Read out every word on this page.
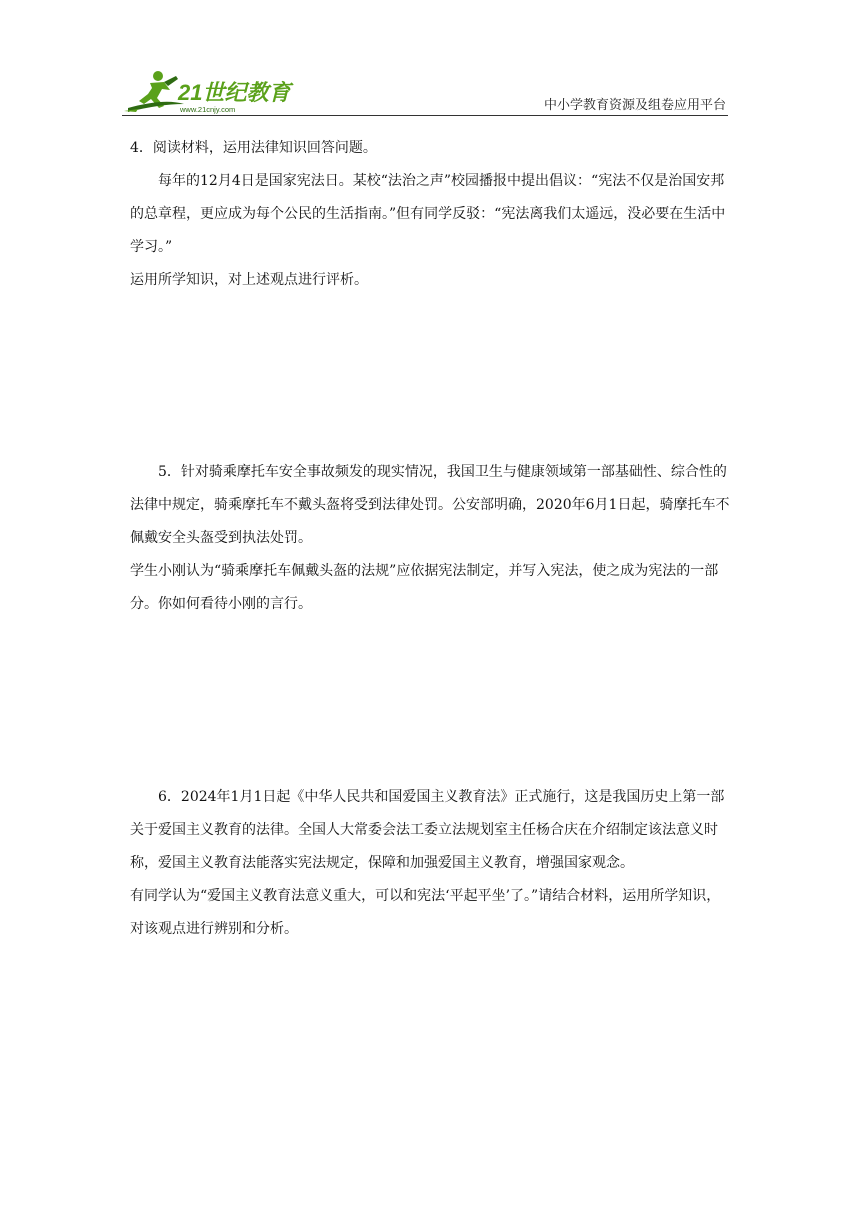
21世纪教育
www.21cnjy.com	中小学教育资源及组卷应用平台
4．阅读材料，运用法律知识回答问题。
每年的12月4日是国家宪法日。某校“法治之声”校园播报中提出倡议：“宪法不仅是治国安邦的总章程，更应成为每个公民的生活指南。”但有同学反驳：“宪法离我们太遥远，没必要在生活中学习。”
运用所学知识，对上述观点进行评析。
5．针对骑乘摩托车安全事故频发的现实情况，我国卫生与健康领域第一部基础性、综合性的法律中规定，骑乘摩托车不戴头盔将受到法律处罚。公安部明确，2020年6月1日起，骑摩托车不佩戴安全头盔受到执法处罚。
学生小刚认为“骑乘摩托车佩戴头盔的法规”应依据宪法制定，并写入宪法，使之成为宪法的一部分。你如何看待小刚的言行。
6．2024年1月1日起《中华人民共和国爱国主义教育法》正式施行，这是我国历史上第一部关于爱国主义教育的法律。全国人大常委会法工委立法规划室主任杨合庆在介绍制定该法意义时称，爱国主义教育法能落实宪法规定，保障和加强爱国主义教育，增强国家观念。
有同学认为“爱国主义教育法意义重大，可以和宪法‘平起平坐’了。”请结合材料，运用所学知识，对该观点进行辨别和分析。
